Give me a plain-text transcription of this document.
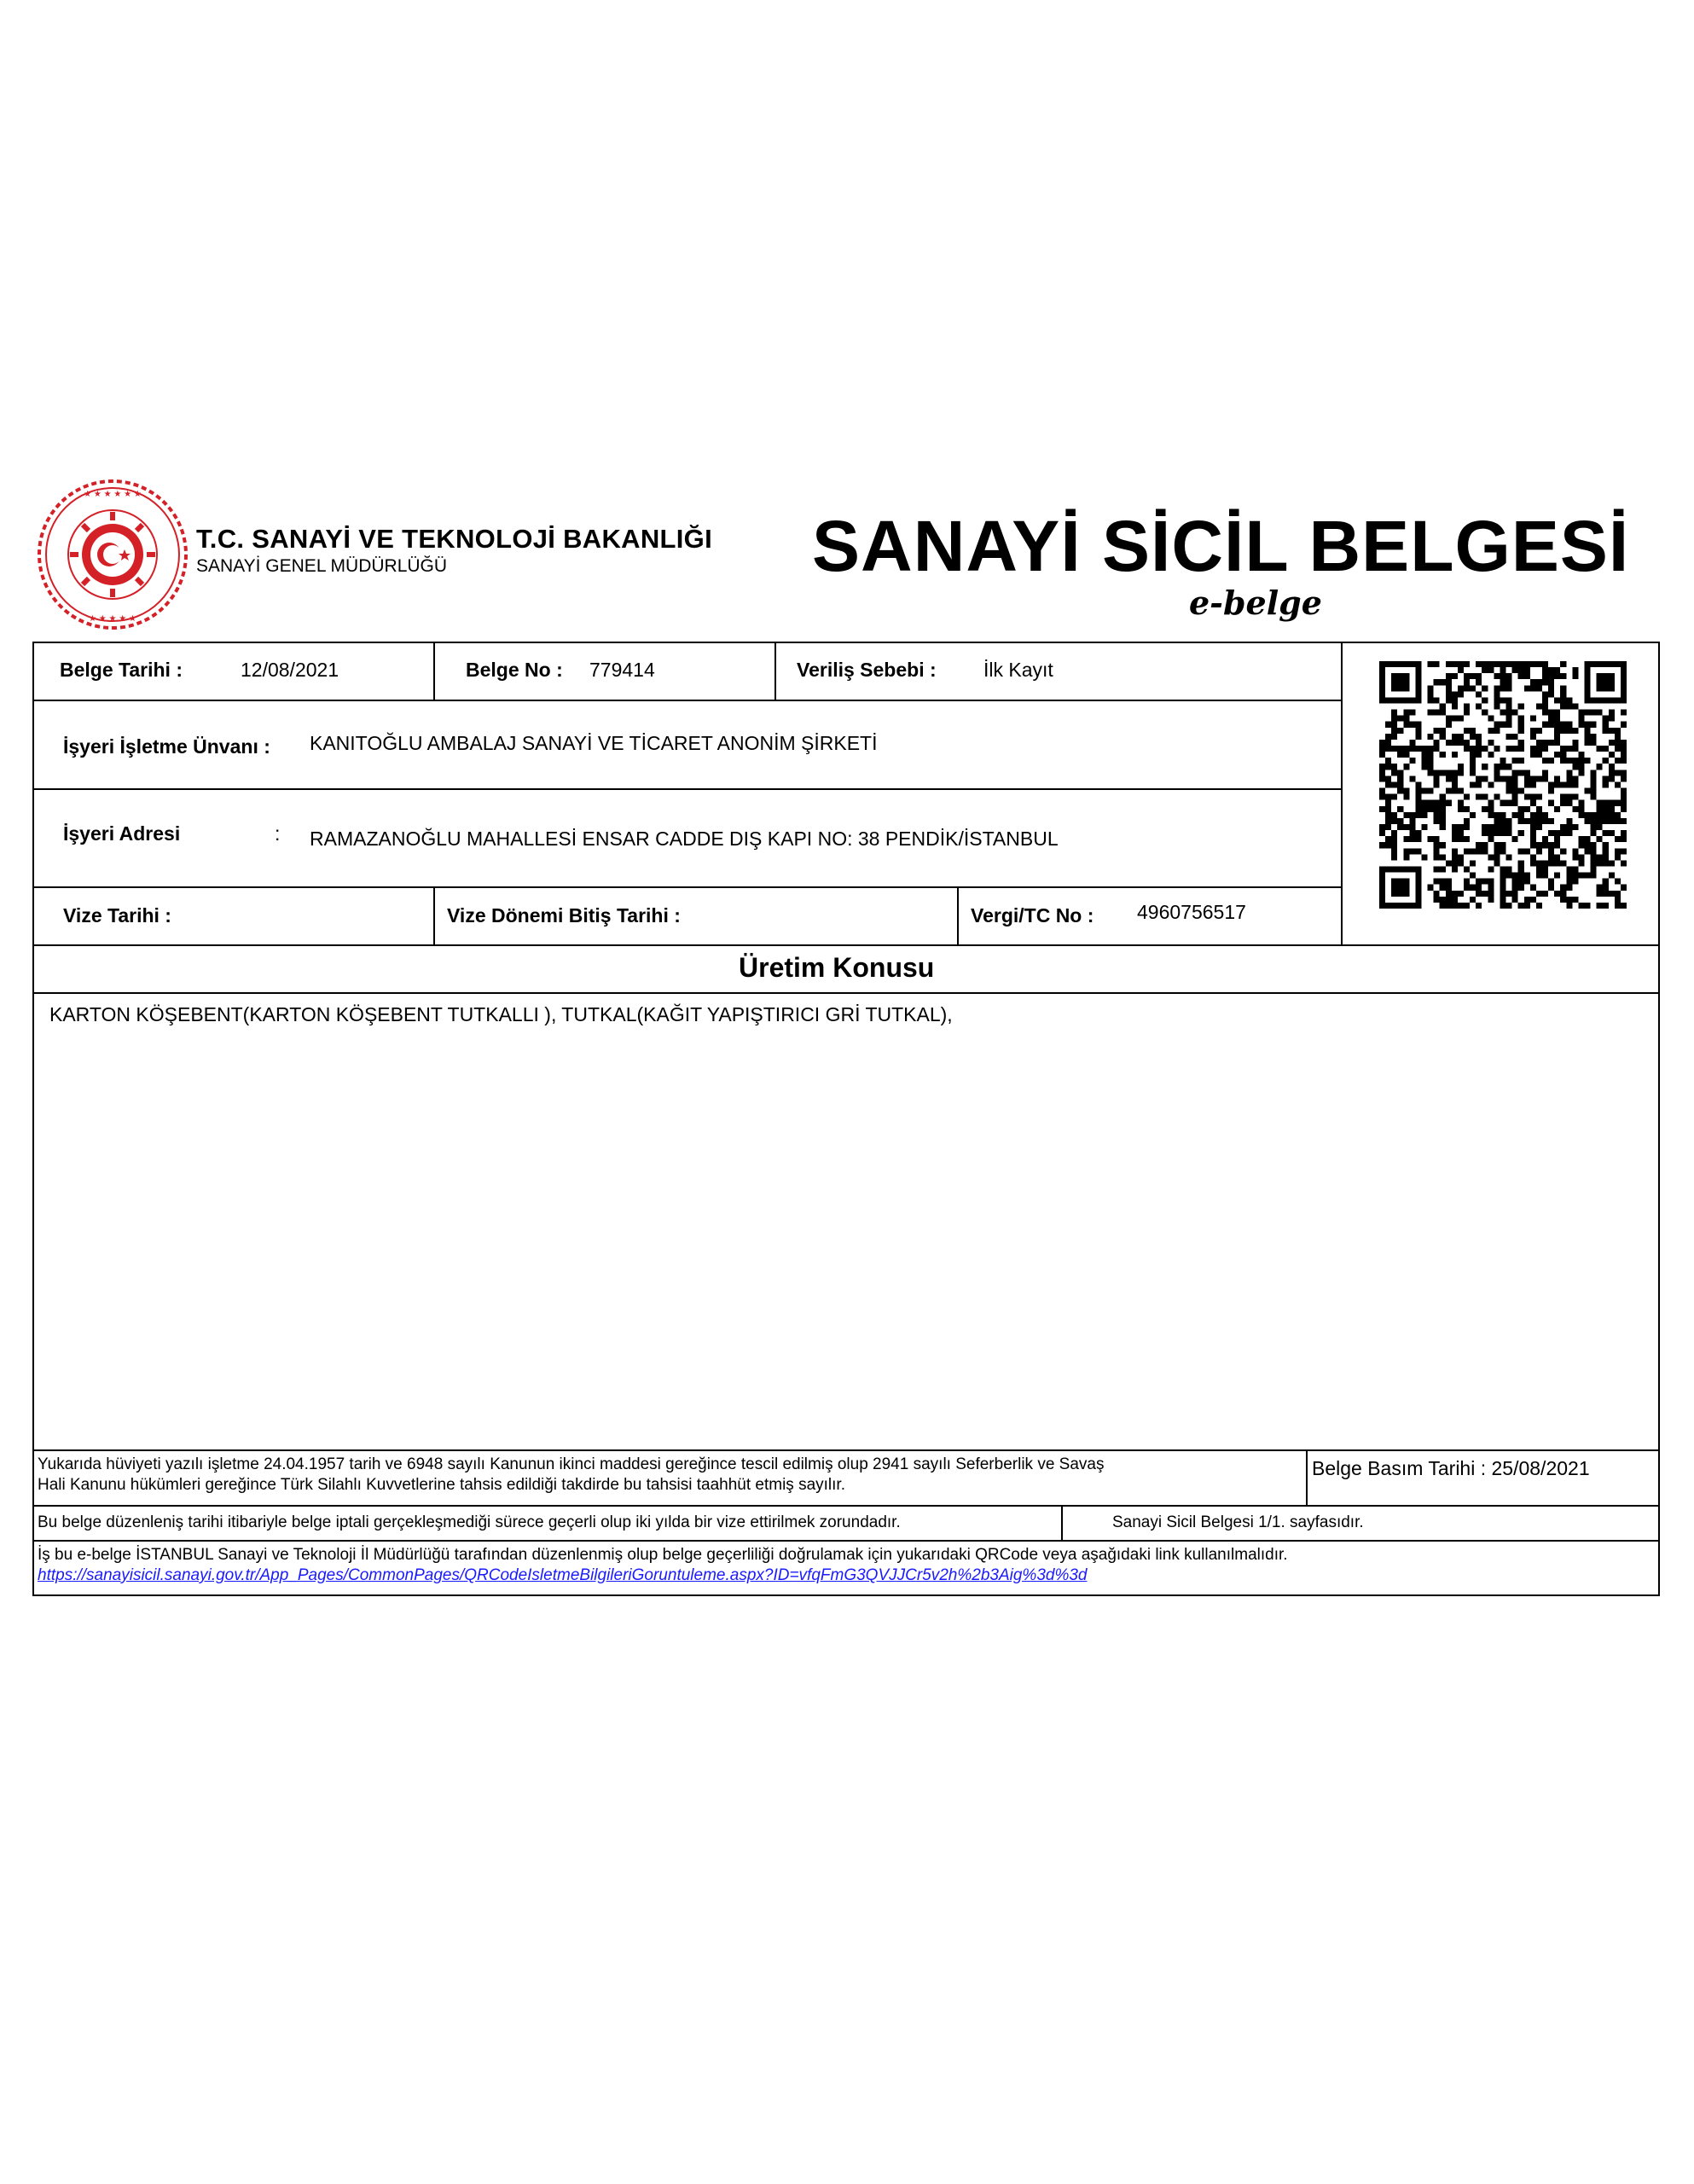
★ ★ ★ ★ ★ ★
★ ★ ★ ★ ★
T.C. SANAYİ VE TEKNOLOJİ BAKANLIĞI
SANAYİ GENEL MÜDÜRLÜĞÜ	SANAYİ SİCİL BELGESİ
e-belge
Belge Tarihi :	12/08/2021	Belge No : 779414	Veriliş Sebebi : İlk Kayıt
İşyeri İşletme Ünvanı : KANITOĞLU AMBALAJ SANAYİ VE TİCARET ANONİM ŞİRKETİ
İşyeri Adresi	: RAMAZANOĞLU MAHALLESİ ENSAR CADDE DIŞ KAPI NO: 38 PENDİK/İSTANBUL
Vize Tarihi :	Vize Dönemi Bitiş Tarihi :	Vergi/TC No : 4960756517
Üretim Konusu
KARTON KÖŞEBENT(KARTON KÖŞEBENT TUTKALLI ), TUTKAL(KAĞIT YAPIŞTIRICI GRİ TUTKAL),
Yukarıda hüviyeti yazılı işletme 24.04.1957 tarih ve 6948 sayılı Kanunun ikinci maddesi gereğince tescil edilmiş olup 2941 sayılı Seferberlik ve Savaş
Hali Kanunu hükümleri gereğince Türk Silahlı Kuvvetlerine tahsis edildiği takdirde bu tahsisi taahhüt etmiş sayılır.
Belge Basım Tarihi : 25/08/2021
Bu belge düzenleniş tarihi itibariyle belge iptali gerçekleşmediği sürece geçerli olup iki yılda bir vize ettirilmek zorundadır.	Sanayi Sicil Belgesi 1/1. sayfasıdır.
İş bu e-belge İSTANBUL Sanayi ve Teknoloji İl Müdürlüğü tarafından düzenlenmiş olup belge geçerliliği doğrulamak için yukarıdaki QRCode veya aşağıdaki link kullanılmalıdır.
https://sanayisicil.sanayi.gov.tr/App_Pages/CommonPages/QRCodeIsletmeBilgileriGoruntuleme.aspx?ID=vfqFmG3QVJJCr5v2h%2b3Aig%3d%3d
